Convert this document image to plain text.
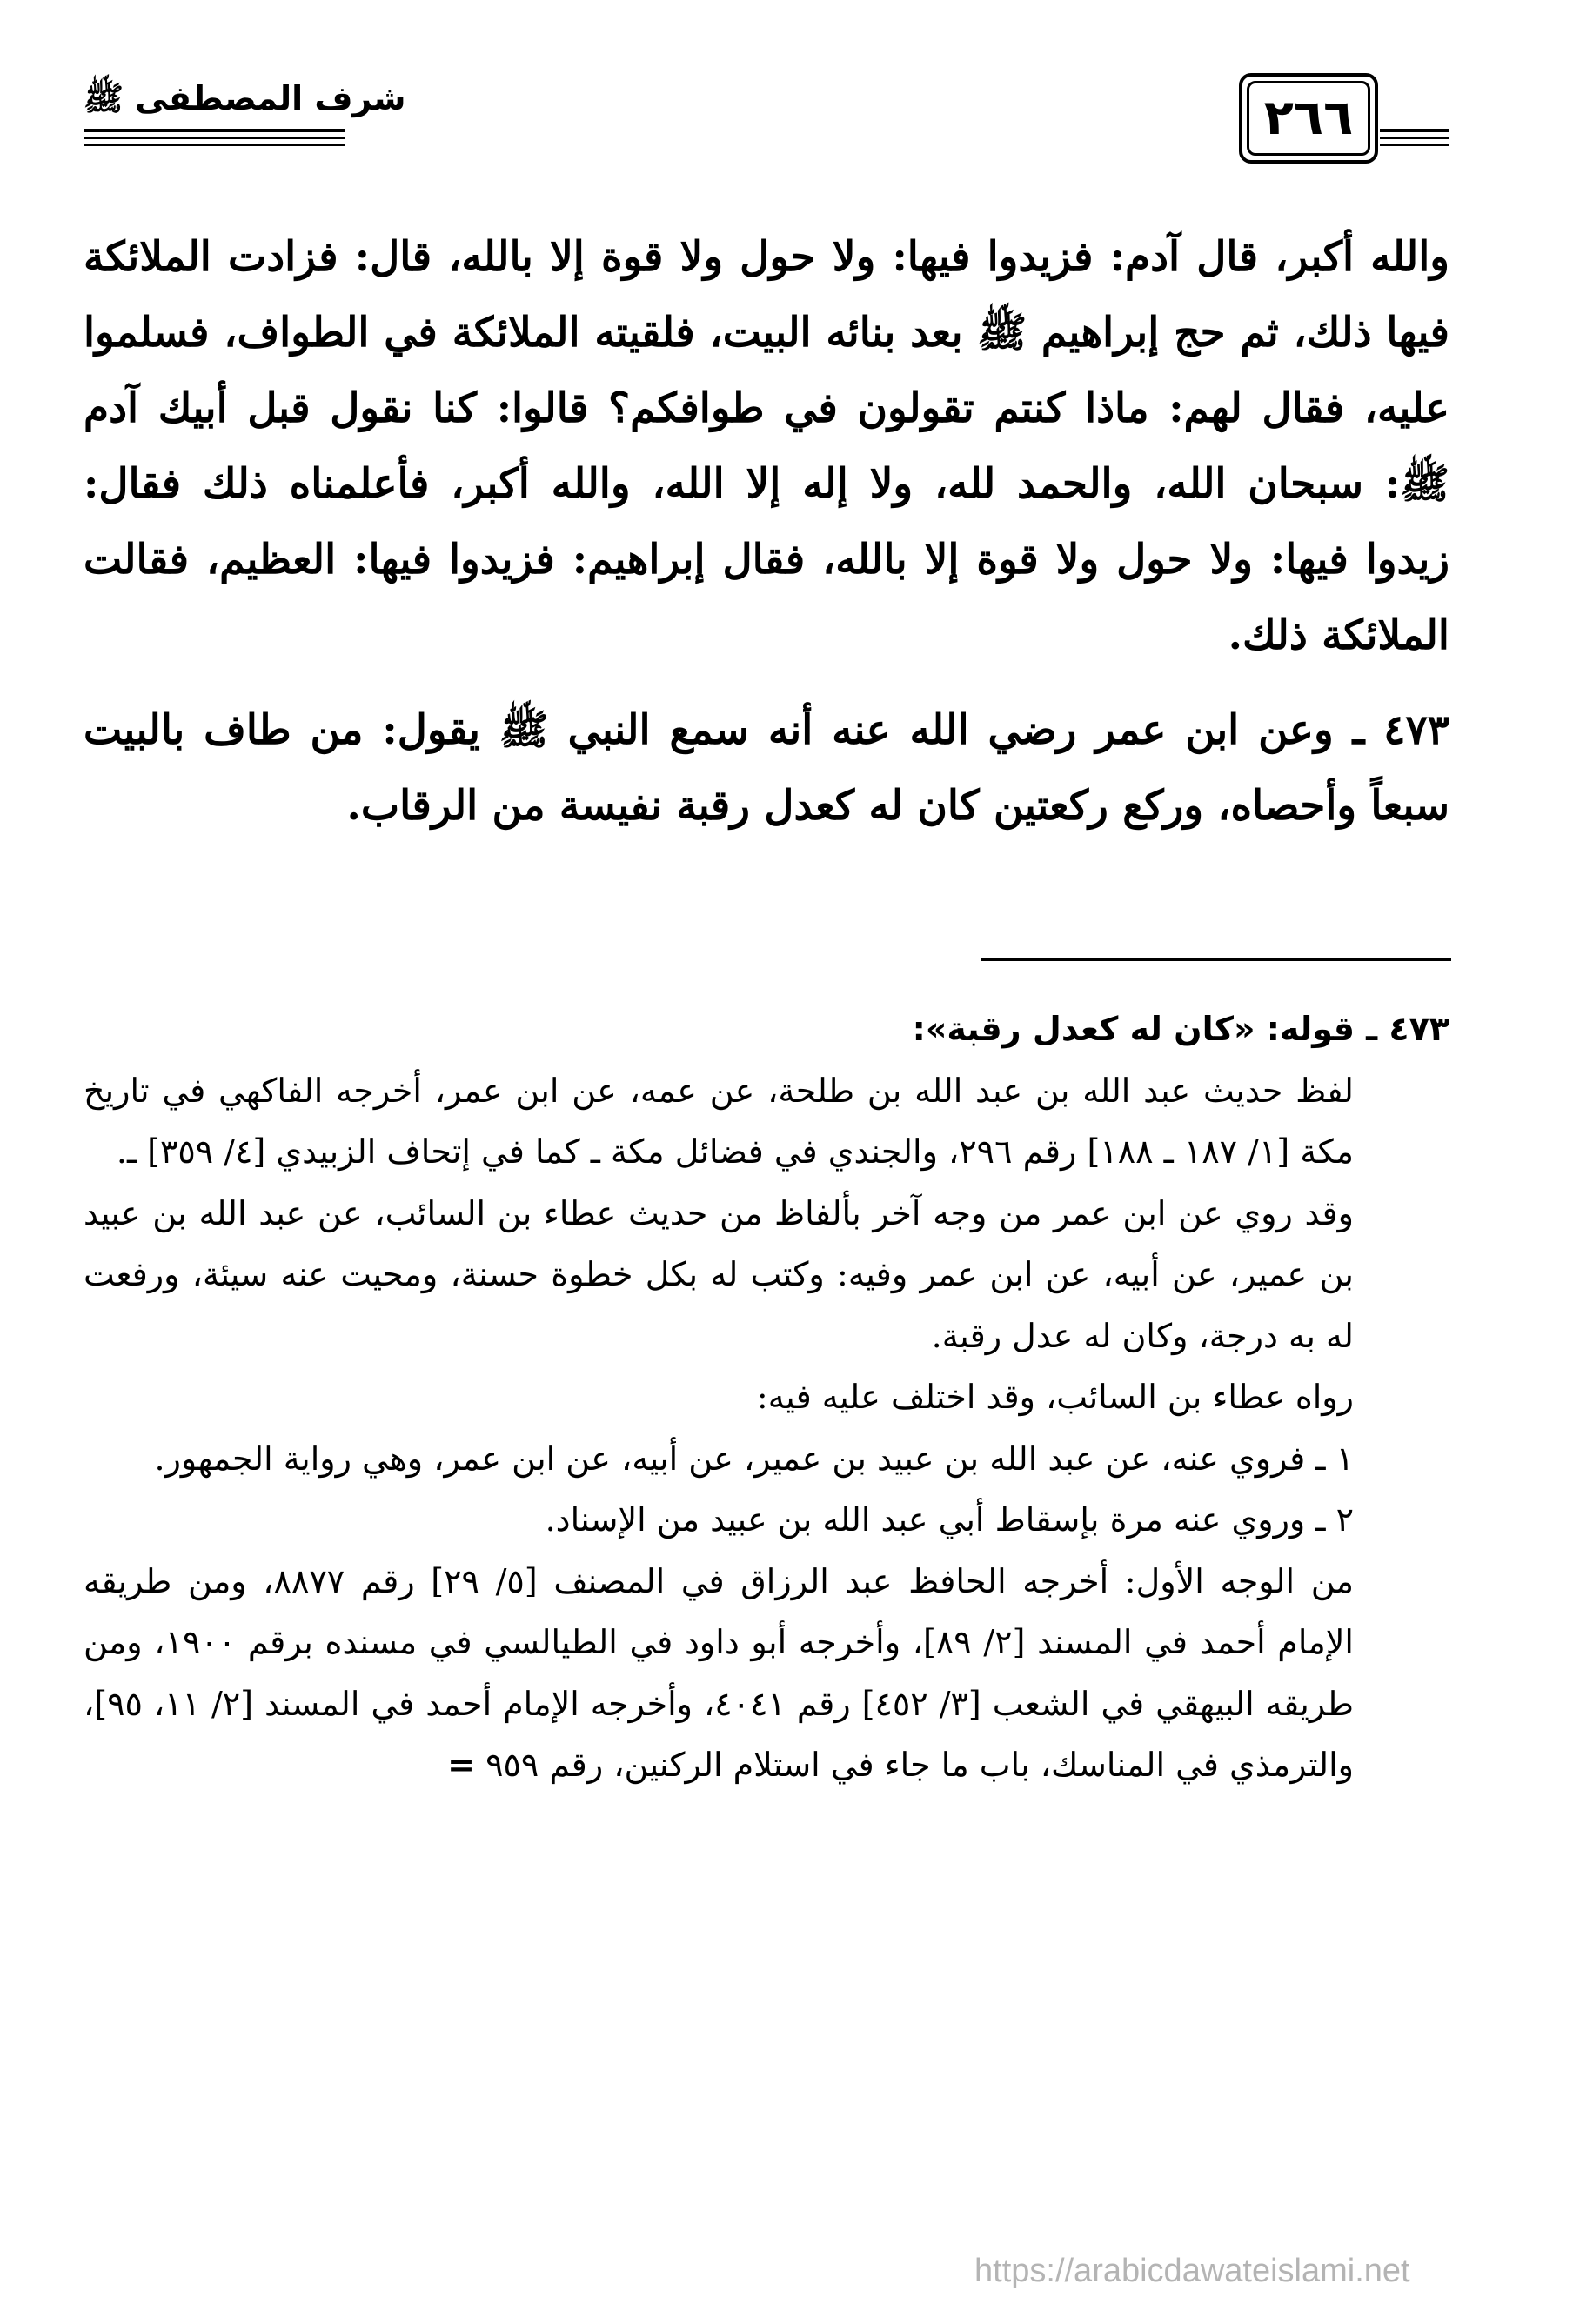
شرف المصطفى ﷺ	٢٦٦

والله أكبر، قال آدم: فزيدوا فيها: ولا حول ولا قوة إلا بالله، قال: فزادت الملائكة فيها ذلك، ثم حج إبراهيم ﷺ بعد بنائه البيت، فلقيته الملائكة في الطواف، فسلموا عليه، فقال لهم: ماذا كنتم تقولون في طوافكم؟ قالوا: كنا نقول قبل أبيك آدم ﷺ: سبحان الله، والحمد لله، ولا إله إلا الله، والله أكبر، فأعلمناه ذلك فقال: زيدوا فيها: ولا حول ولا قوة إلا بالله، فقال إبراهيم: فزيدوا فيها: العظيم، فقالت الملائكة ذلك.

٤٧٣ ـ وعن ابن عمر رضي الله عنه أنه سمع النبي ﷺ يقول: من طاف بالبيت سبعاً وأحصاه، وركع ركعتين كان له كعدل رقبة نفيسة من الرقاب.

٤٧٣ ـ قوله: «كان له كعدل رقبة»:

لفظ حديث عبد الله بن عبد الله بن طلحة، عن عمه، عن ابن عمر، أخرجه الفاكهي في تاريخ مكة [١/ ١٨٧ ـ ١٨٨] رقم ٢٩٦، والجندي في فضائل مكة ـ كما في إتحاف الزبيدي [٤/ ٣٥٩] ـ.

وقد روي عن ابن عمر من وجه آخر بألفاظ من حديث عطاء بن السائب، عن عبد الله بن عبيد بن عمير، عن أبيه، عن ابن عمر وفيه: وكتب له بكل خطوة حسنة، ومحيت عنه سيئة، ورفعت له به درجة، وكان له عدل رقبة.

رواه عطاء بن السائب، وقد اختلف عليه فيه:

١ ـ فروي عنه، عن عبد الله بن عبيد بن عمير، عن أبيه، عن ابن عمر، وهي رواية الجمهور.

٢ ـ وروي عنه مرة بإسقاط أبي عبد الله بن عبيد من الإسناد.

من الوجه الأول: أخرجه الحافظ عبد الرزاق في المصنف [٥/ ٢٩] رقم ٨٨٧٧، ومن طريقه الإمام أحمد في المسند [٢/ ٨٩]، وأخرجه أبو داود في الطيالسي في مسنده برقم ١٩٠٠، ومن طريقه البيهقي في الشعب [٣/ ٤٥٢] رقم ٤٠٤١، وأخرجه الإمام أحمد في المسند [٢/ ١١، ٩٥]، والترمذي في المناسك، باب ما جاء في استلام الركنين، رقم ٩٥٩ =

https://arabicdawateislami.net
